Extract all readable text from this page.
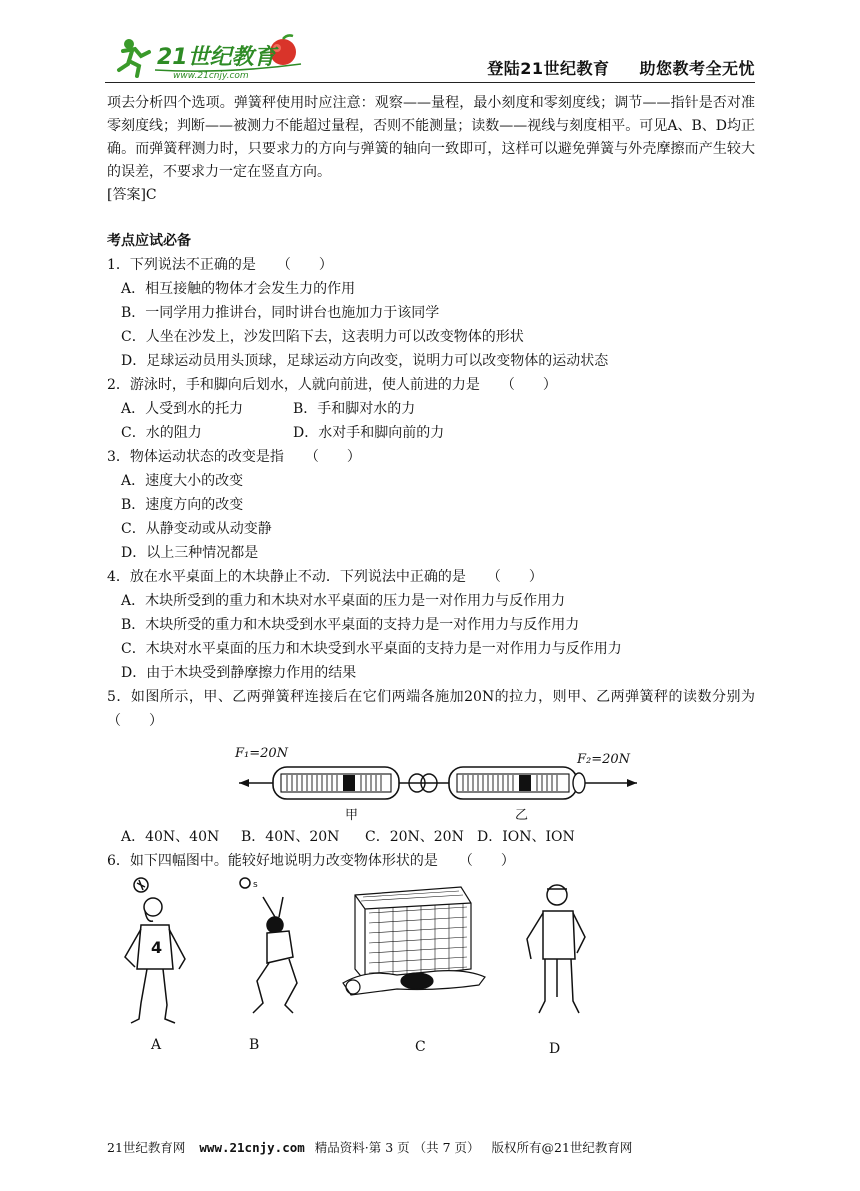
21世纪教育
www.21cnjy.com	登陆21世纪教育 助您教考全无忧

项去分析四个选项。弹簧秤使用时应注意：观察——量程，最小刻度和零刻度线；调节——指针是否对准零刻度线；判断——被测力不能超过量程，否则不能测量；读数——视线与刻度相平。可见A、B、D均正确。而弹簧秤测力时，只要求力的方向与弹簧的轴向一致即可，这样可以避免弹簧与外壳摩擦而产生较大的误差，不要求力一定在竖直方向。

[答案]C

考点应试必备

1．下列说法不正确的是　　（　　）

A．相互接触的物体才会发生力的作用

B．一同学用力推讲台，同时讲台也施加力于该同学

C．人坐在沙发上，沙发凹陷下去，这表明力可以改变物体的形状

D．足球运动员用头顶球，足球运动方向改变，说明力可以改变物体的运动状态

2．游泳时，手和脚向后划水，人就向前进，使人前进的力是　　（　　）

A．人受到水的托力	B．手和脚对水的力
C．水的阻力	D．水对手和脚向前的力

3．物体运动状态的改变是指　　（　　）

A．速度大小的改变

B．速度方向的改变

C．从静变动或从动变静

D．以上三种情况都是

4．放在水平桌面上的木块静止不动．下列说法中正确的是　　（　　）

A．木块所受到的重力和木块对水平桌面的压力是一对作用力与反作用力

B．木块所受的重力和木块受到水平桌面的支持力是一对作用力与反作用力

C．木块对水平桌面的压力和木块受到水平桌面的支持力是一对作用力与反作用力

D．由于木块受到静摩擦力作用的结果

5．如图所示，甲、乙两弹簧秤连接后在它们两端各施加20N的拉力，则甲、乙两弹簧秤的读数分别为　　（　　）

F₁=20N	F₂=20N
甲	乙
A．40N、40N	B．40N、20N	C．20N、20N D．ION、ION

6．如下四幅图中。能较好地说明力改变物体形状的是　　（　　）

4
s
A	B	C	D
21世纪教育网 www.21cnjy.com 精品资料·第 3 页 （共 7 页） 版权所有@21世纪教育网
